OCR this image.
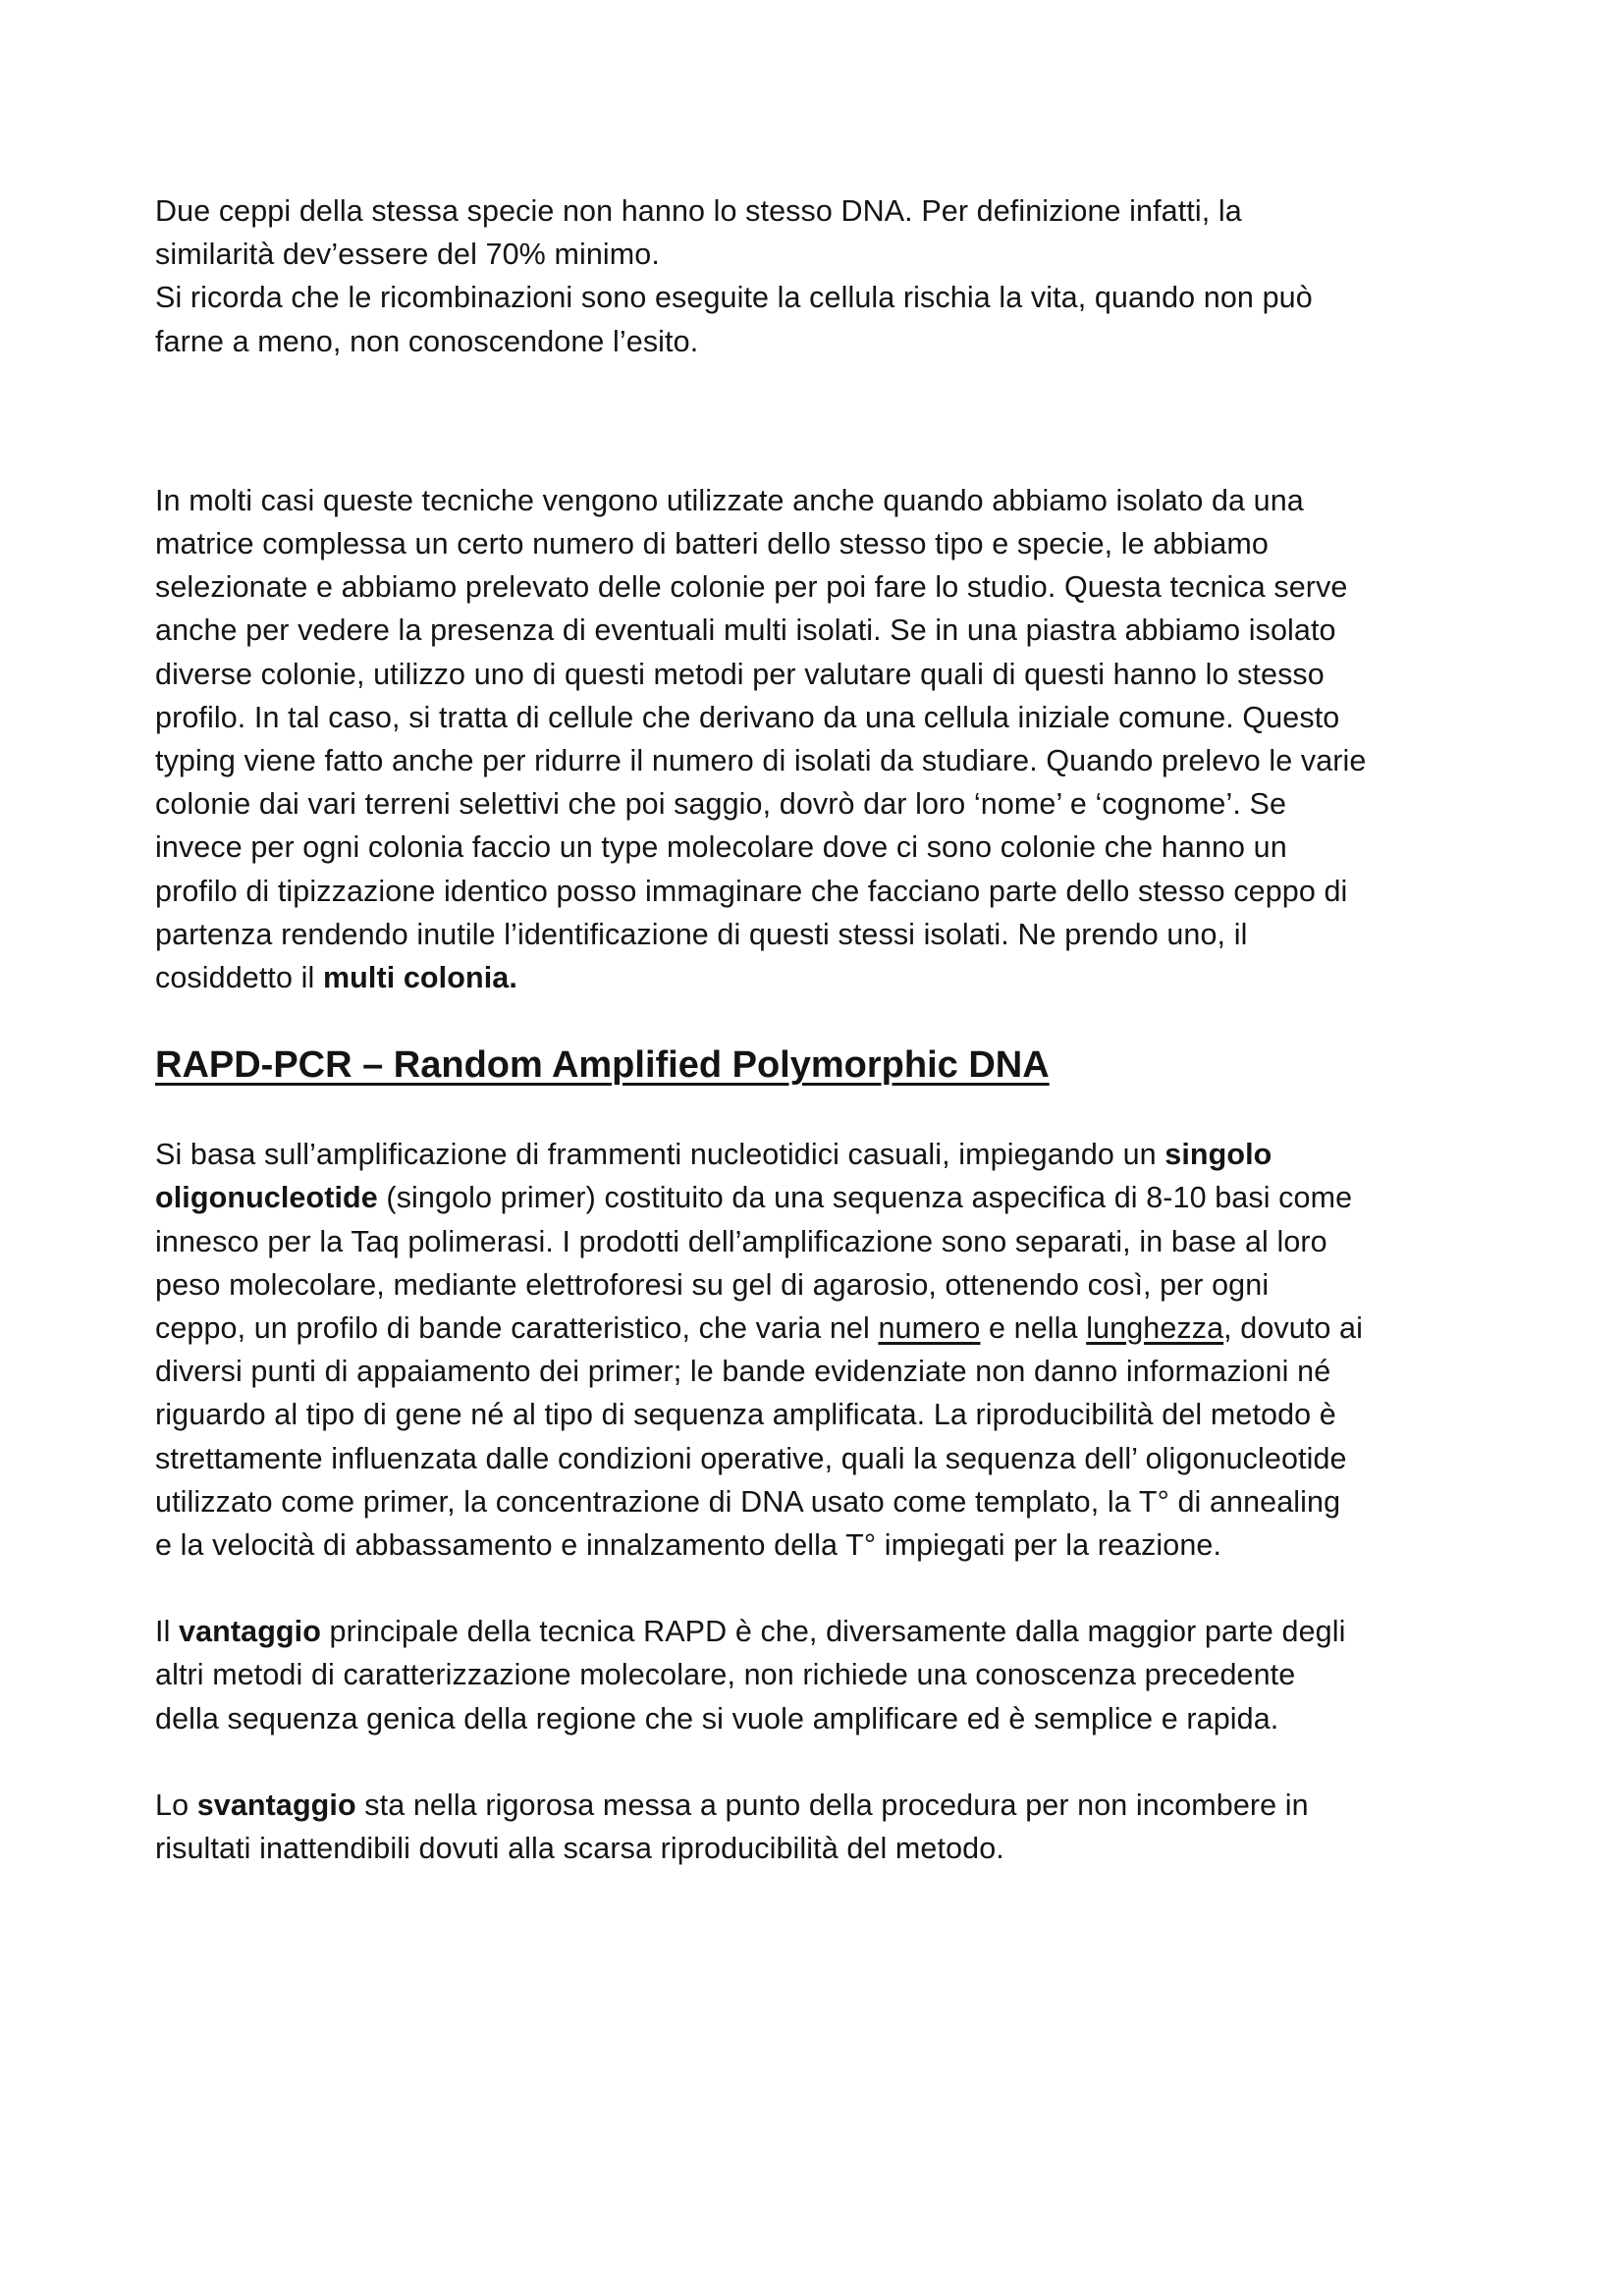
Due ceppi della stessa specie non hanno lo stesso DNA. Per definizione infatti, la
similarità dev’essere del 70% minimo.
Si ricorda che le ricombinazioni sono eseguite la cellula rischia la vita, quando non può
farne a meno, non conoscendone l’esito.

In molti casi queste tecniche vengono utilizzate anche quando abbiamo isolato da una
matrice complessa un certo numero di batteri dello stesso tipo e specie, le abbiamo
selezionate e abbiamo prelevato delle colonie per poi fare lo studio. Questa tecnica serve
anche per vedere la presenza di eventuali multi isolati. Se in una piastra abbiamo isolato
diverse colonie, utilizzo uno di questi metodi per valutare quali di questi hanno lo stesso
profilo. In tal caso, si tratta di cellule che derivano da una cellula iniziale comune. Questo
typing viene fatto anche per ridurre il numero di isolati da studiare. Quando prelevo le varie
colonie dai vari terreni selettivi che poi saggio, dovrò dar loro ‘nome’ e ‘cognome’. Se
invece per ogni colonia faccio un type molecolare dove ci sono colonie che hanno un
profilo di tipizzazione identico posso immaginare che facciano parte dello stesso ceppo di
partenza rendendo inutile l’identificazione di questi stessi isolati. Ne prendo uno, il
cosiddetto il multi colonia.

RAPD-PCR – Random Amplified Polymorphic DNA

Si basa sull’amplificazione di frammenti nucleotidici casuali, impiegando un singolo
oligonucleotide (singolo primer) costituito da una sequenza aspecifica di 8-10 basi come
innesco per la Taq polimerasi. I prodotti dell’amplificazione sono separati, in base al loro
peso molecolare, mediante elettroforesi su gel di agarosio, ottenendo così, per ogni
ceppo, un profilo di bande caratteristico, che varia nel numero e nella lunghezza, dovuto ai
diversi punti di appaiamento dei primer; le bande evidenziate non danno informazioni né
riguardo al tipo di gene né al tipo di sequenza amplificata. La riproducibilità del metodo è
strettamente influenzata dalle condizioni operative, quali la sequenza dell’ oligonucleotide
utilizzato come primer, la concentrazione di DNA usato come templato, la T° di annealing
e la velocità di abbassamento e innalzamento della T° impiegati per la reazione.

Il vantaggio principale della tecnica RAPD è che, diversamente dalla maggior parte degli
altri metodi di caratterizzazione molecolare, non richiede una conoscenza precedente
della sequenza genica della regione che si vuole amplificare ed è semplice e rapida.

Lo svantaggio sta nella rigorosa messa a punto della procedura per non incombere in
risultati inattendibili dovuti alla scarsa riproducibilità del metodo.
